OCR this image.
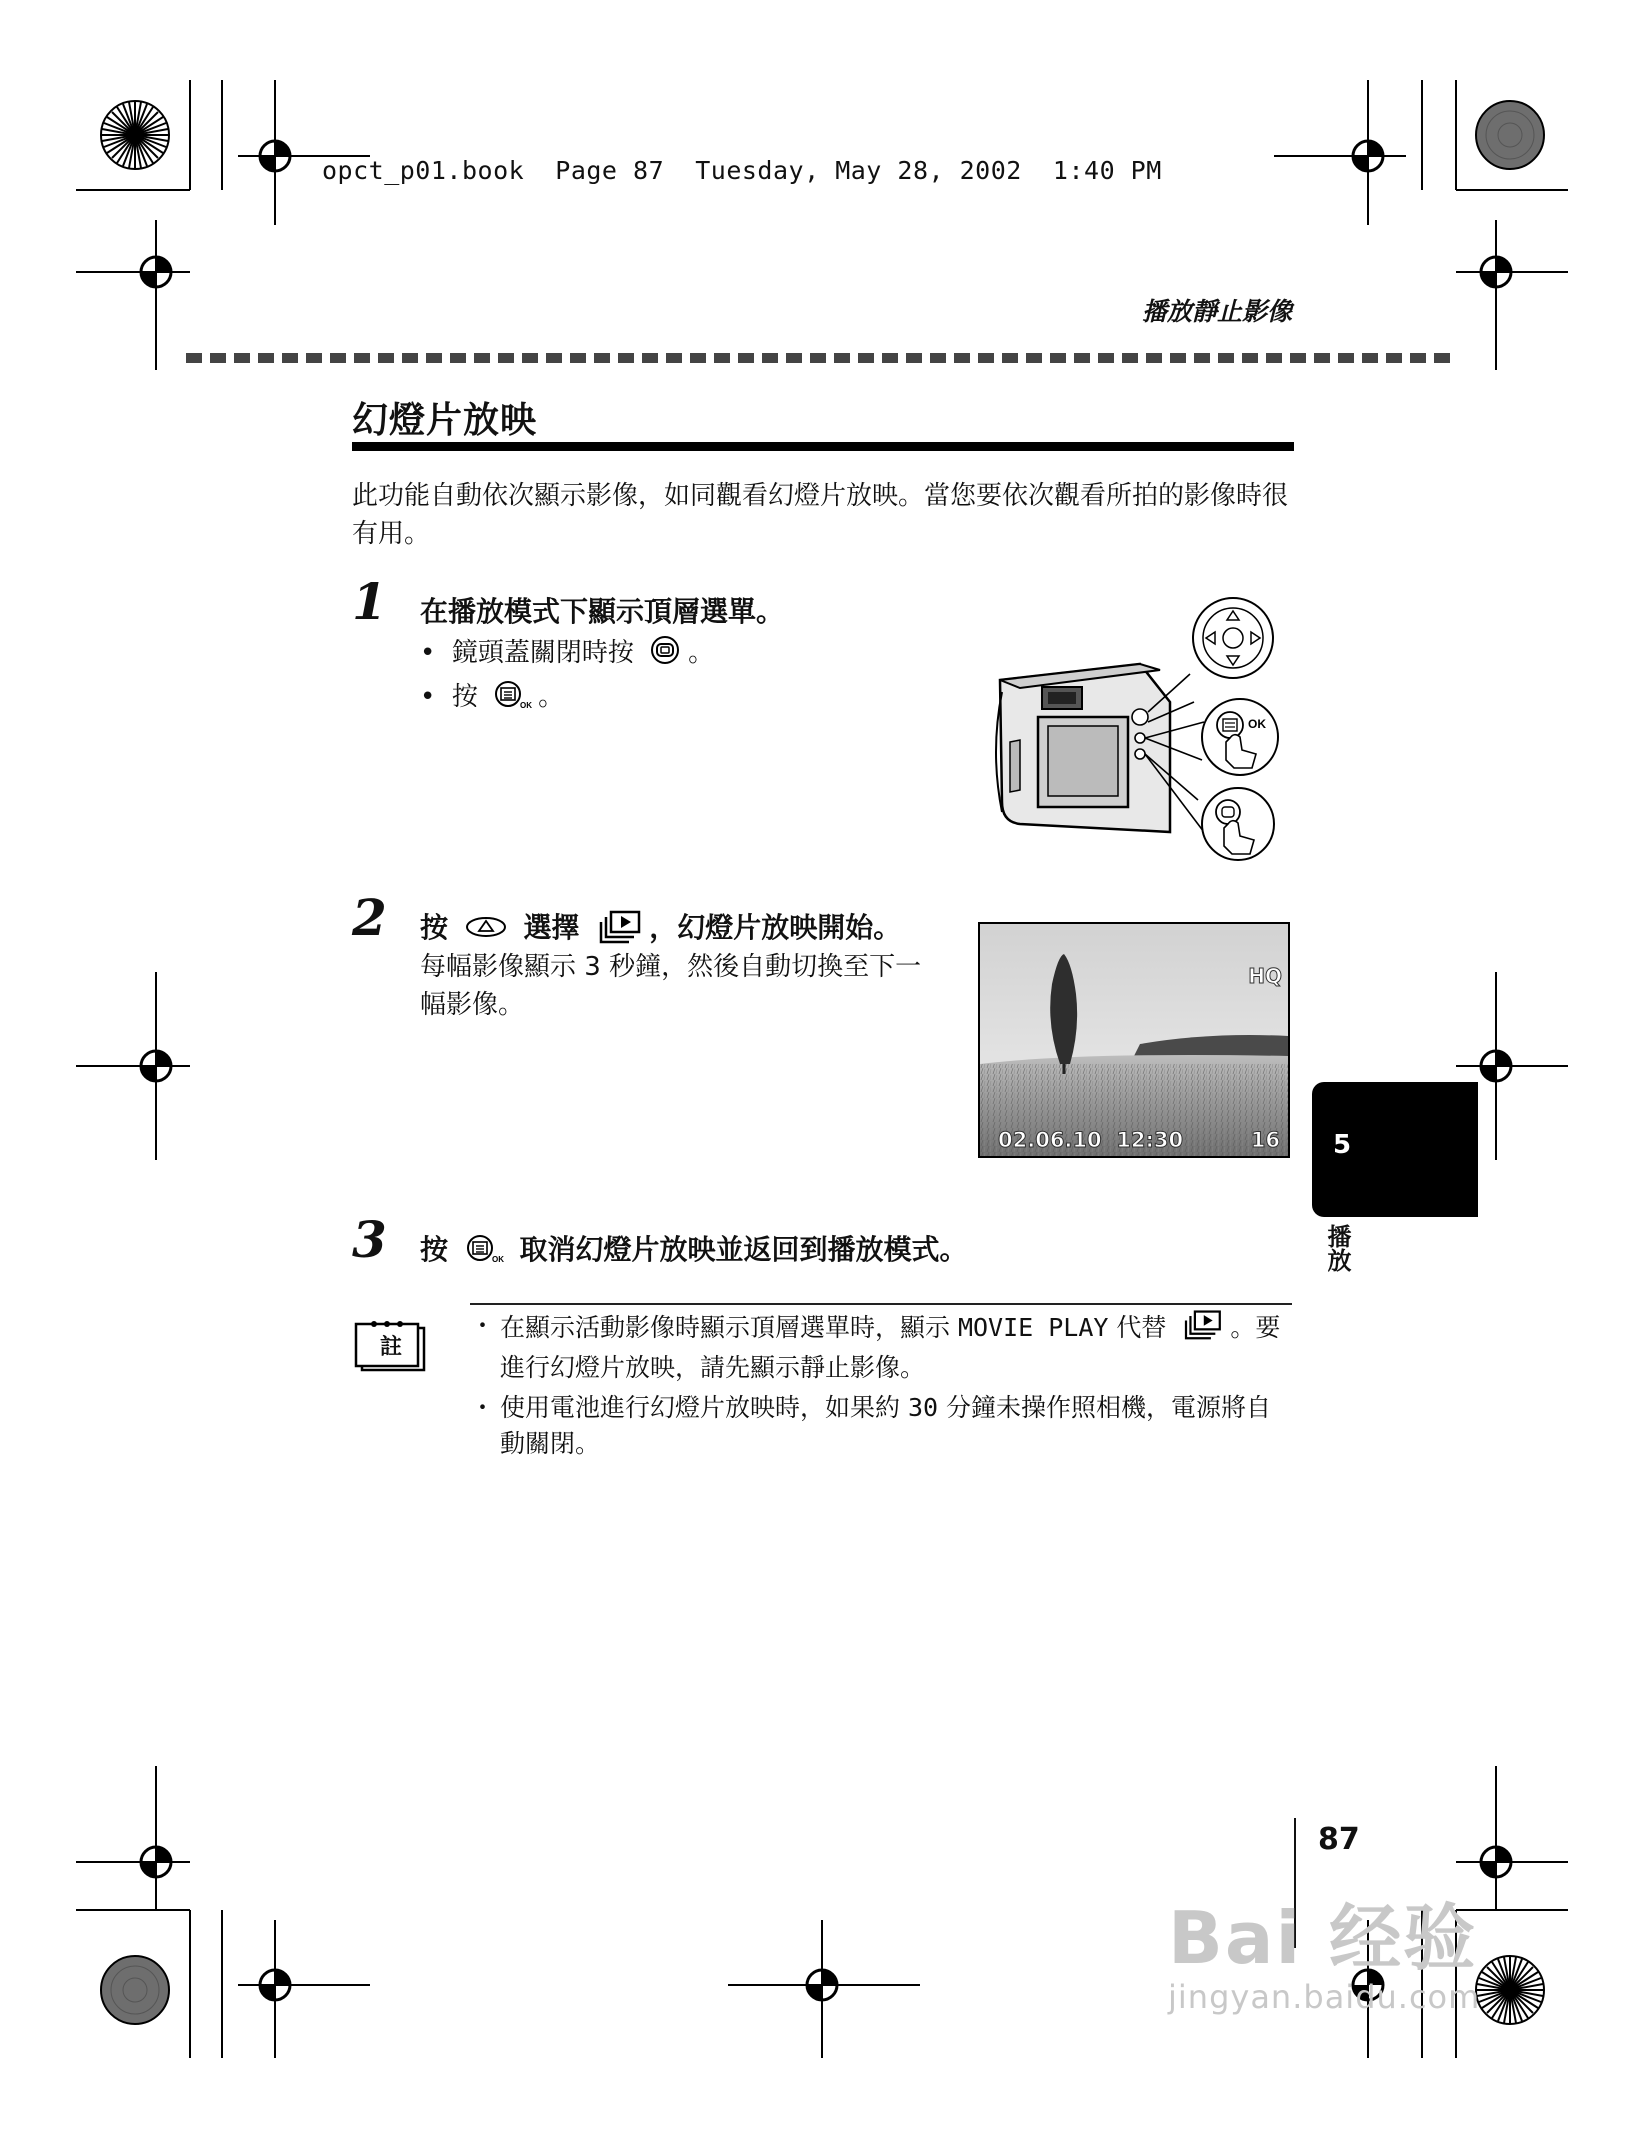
opct_p01.book  Page 87  Tuesday, May 28, 2002  1:40 PM
播放靜止影像
幻燈片放映
此功能自動依次顯示影像，如同觀看幻燈片放映。當您要依次觀看所拍的影像時很有用。
1 在播放模式下顯示頂層選單。
•  鏡頭蓋關閉時按 。
•  按	OK 。
OK
2 按	選擇 ，幻燈片放映開始。
每幅影像顯示 3 秒鐘，然後自動切換至下一幅影像。
HQ
02.06.10  12:30	16
3 按	OK 取消幻燈片放映並返回到播放模式。
5
播放
註
・ 在顯示活動影像時顯示頂層選單時，顯示 MOVIE PLAY 代替	。要進行幻燈片放映，請先顯示靜止影像。
・ 使用電池進行幻燈片放映時，如果約 30 分鐘未操作照相機，電源將自動關閉。
87
Bai 经验
jingyan.baidu.com
